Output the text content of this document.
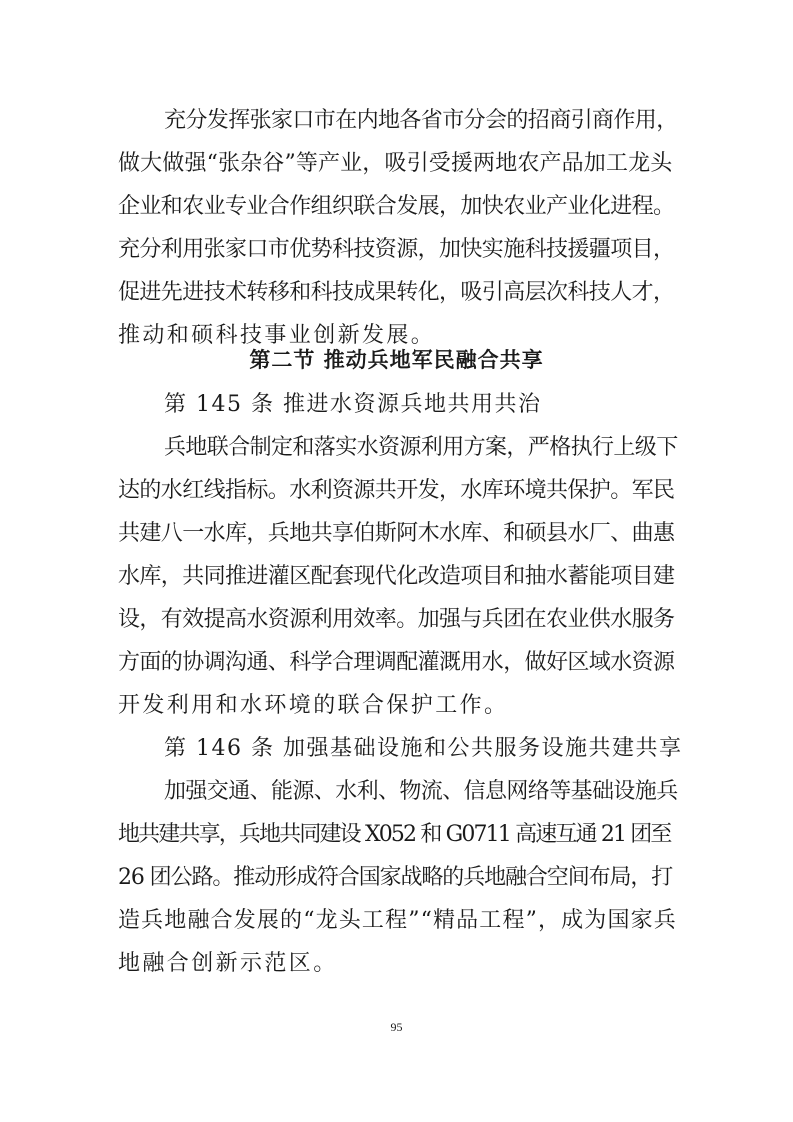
充分发挥张家口市在内地各省市分会的招商引商作用，
做大做强“张杂谷”等产业，吸引受援两地农产品加工龙头
企业和农业专业合作组织联合发展，加快农业产业化进程。
充分利用张家口市优势科技资源，加快实施科技援疆项目，
促进先进技术转移和科技成果转化，吸引高层次科技人才，
推动和硕科技事业创新发展。
第二节 推动兵地军民融合共享
第 145 条 推进水资源兵地共用共治
兵地联合制定和落实水资源利用方案，严格执行上级下
达的水红线指标。水利资源共开发，水库环境共保护。军民
共建八一水库，兵地共享伯斯阿木水库、和硕县水厂、曲惠
水库，共同推进灌区配套现代化改造项目和抽水蓄能项目建
设，有效提高水资源利用效率。加强与兵团在农业供水服务
方面的协调沟通、科学合理调配灌溉用水，做好区域水资源
开发利用和水环境的联合保护工作。
第 146 条 加强基础设施和公共服务设施共建共享
加强交通、能源、水利、物流、信息网络等基础设施兵
地共建共享，兵地共同建设 X052 和 G0711 高速互通 21 团至
26 团公路。推动形成符合国家战略的兵地融合空间布局，打
造兵地融合发展的“龙头工程”“精品工程”，成为国家兵
地融合创新示范区。
95
